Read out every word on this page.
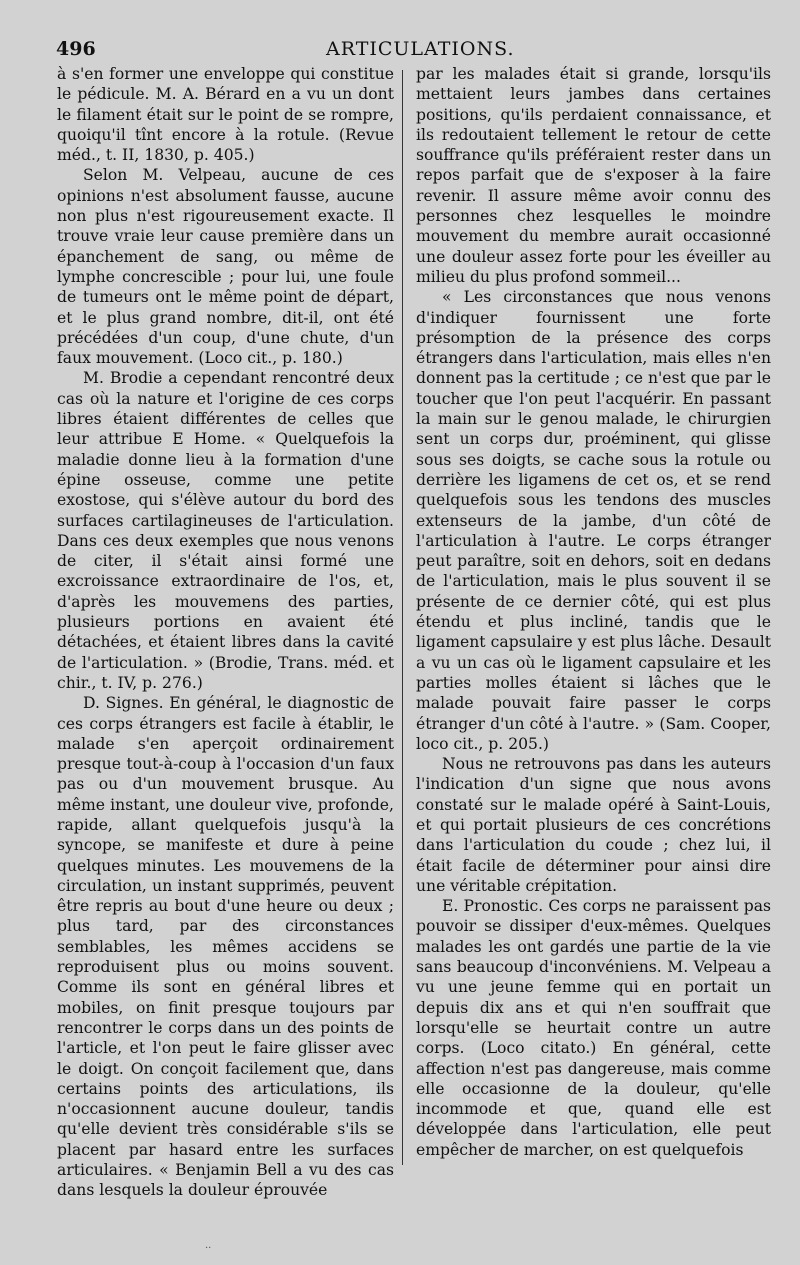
496	ARTICULATIONS.

à s'en former une enveloppe qui constitue le pédicule. M. A. Bérard en a vu un dont le filament était sur le point de se rompre, quoiqu'il tînt encore à la rotule. (Revue méd., t. II, 1830, p. 405.)

Selon M. Velpeau, aucune de ces opinions n'est absolument fausse, aucune non plus n'est rigoureusement exacte. Il trouve vraie leur cause première dans un épanchement de sang, ou même de lymphe concrescible ; pour lui, une foule de tumeurs ont le même point de départ, et le plus grand nombre, dit-il, ont été précédées d'un coup, d'une chute, d'un faux mouvement. (Loco cit., p. 180.)

M. Brodie a cependant rencontré deux cas où la nature et l'origine de ces corps libres étaient différentes de celles que leur attribue E Home. « Quelquefois la maladie donne lieu à la formation d'une épine osseuse, comme une petite exostose, qui s'élève autour du bord des surfaces cartilagineuses de l'articulation. Dans ces deux exemples que nous venons de citer, il s'était ainsi formé une excroissance extraordinaire de l'os, et, d'après les mouvemens des parties, plusieurs portions en avaient été détachées, et étaient libres dans la cavité de l'articulation. » (Brodie, Trans. méd. et chir., t. IV, p. 276.)

D. Signes. En général, le diagnostic de ces corps étrangers est facile à établir, le malade s'en aperçoit ordinairement presque tout-à-coup à l'occasion d'un faux pas ou d'un mouvement brusque. Au même instant, une douleur vive, profonde, rapide, allant quelquefois jusqu'à la syncope, se manifeste et dure à peine quelques minutes. Les mouvemens de la circulation, un instant supprimés, peuvent être repris au bout d'une heure ou deux ; plus tard, par des circonstances semblables, les mêmes accidens se reproduisent plus ou moins souvent. Comme ils sont en général libres et mobiles, on finit presque toujours par rencontrer le corps dans un des points de l'article, et l'on peut le faire glisser avec le doigt. On conçoit facilement que, dans certains points des articulations, ils n'occasionnent aucune douleur, tandis qu'elle devient très considérable s'ils se placent par hasard entre les surfaces articulaires. « Benjamin Bell a vu des cas dans lesquels la douleur éprouvée

par les malades était si grande, lorsqu'ils mettaient leurs jambes dans certaines positions, qu'ils perdaient connaissance, et ils redoutaient tellement le retour de cette souffrance qu'ils préféraient rester dans un repos parfait que de s'exposer à la faire revenir. Il assure même avoir connu des personnes chez lesquelles le moindre mouvement du membre aurait occasionné une douleur assez forte pour les éveiller au milieu du plus profond sommeil...

« Les circonstances que nous venons d'indiquer fournissent une forte présomption de la présence des corps étrangers dans l'articulation, mais elles n'en donnent pas la certitude ; ce n'est que par le toucher que l'on peut l'acquérir. En passant la main sur le genou malade, le chirurgien sent un corps dur, proéminent, qui glisse sous ses doigts, se cache sous la rotule ou derrière les ligamens de cet os, et se rend quelquefois sous les tendons des muscles extenseurs de la jambe, d'un côté de l'articulation à l'autre. Le corps étranger peut paraître, soit en dehors, soit en dedans de l'articulation, mais le plus souvent il se présente de ce dernier côté, qui est plus étendu et plus incliné, tandis que le ligament capsulaire y est plus lâche. Desault a vu un cas où le ligament capsulaire et les parties molles étaient si lâches que le malade pouvait faire passer le corps étranger d'un côté à l'autre. » (Sam. Cooper, loco cit., p. 205.)

Nous ne retrouvons pas dans les auteurs l'indication d'un signe que nous avons constaté sur le malade opéré à Saint-Louis, et qui portait plusieurs de ces concrétions dans l'articulation du coude ; chez lui, il était facile de déterminer pour ainsi dire une véritable crépitation.

E. Pronostic. Ces corps ne paraissent pas pouvoir se dissiper d'eux-mêmes. Quelques malades les ont gardés une partie de la vie sans beaucoup d'inconvéniens. M. Velpeau a vu une jeune femme qui en portait un depuis dix ans et qui n'en souffrait que lorsqu'elle se heurtait contre un autre corps. (Loco citato.) En général, cette affection n'est pas dangereuse, mais comme elle occasionne de la douleur, qu'elle incommode et que, quand elle est développée dans l'articulation, elle peut empêcher de marcher, on est quelquefois

··
